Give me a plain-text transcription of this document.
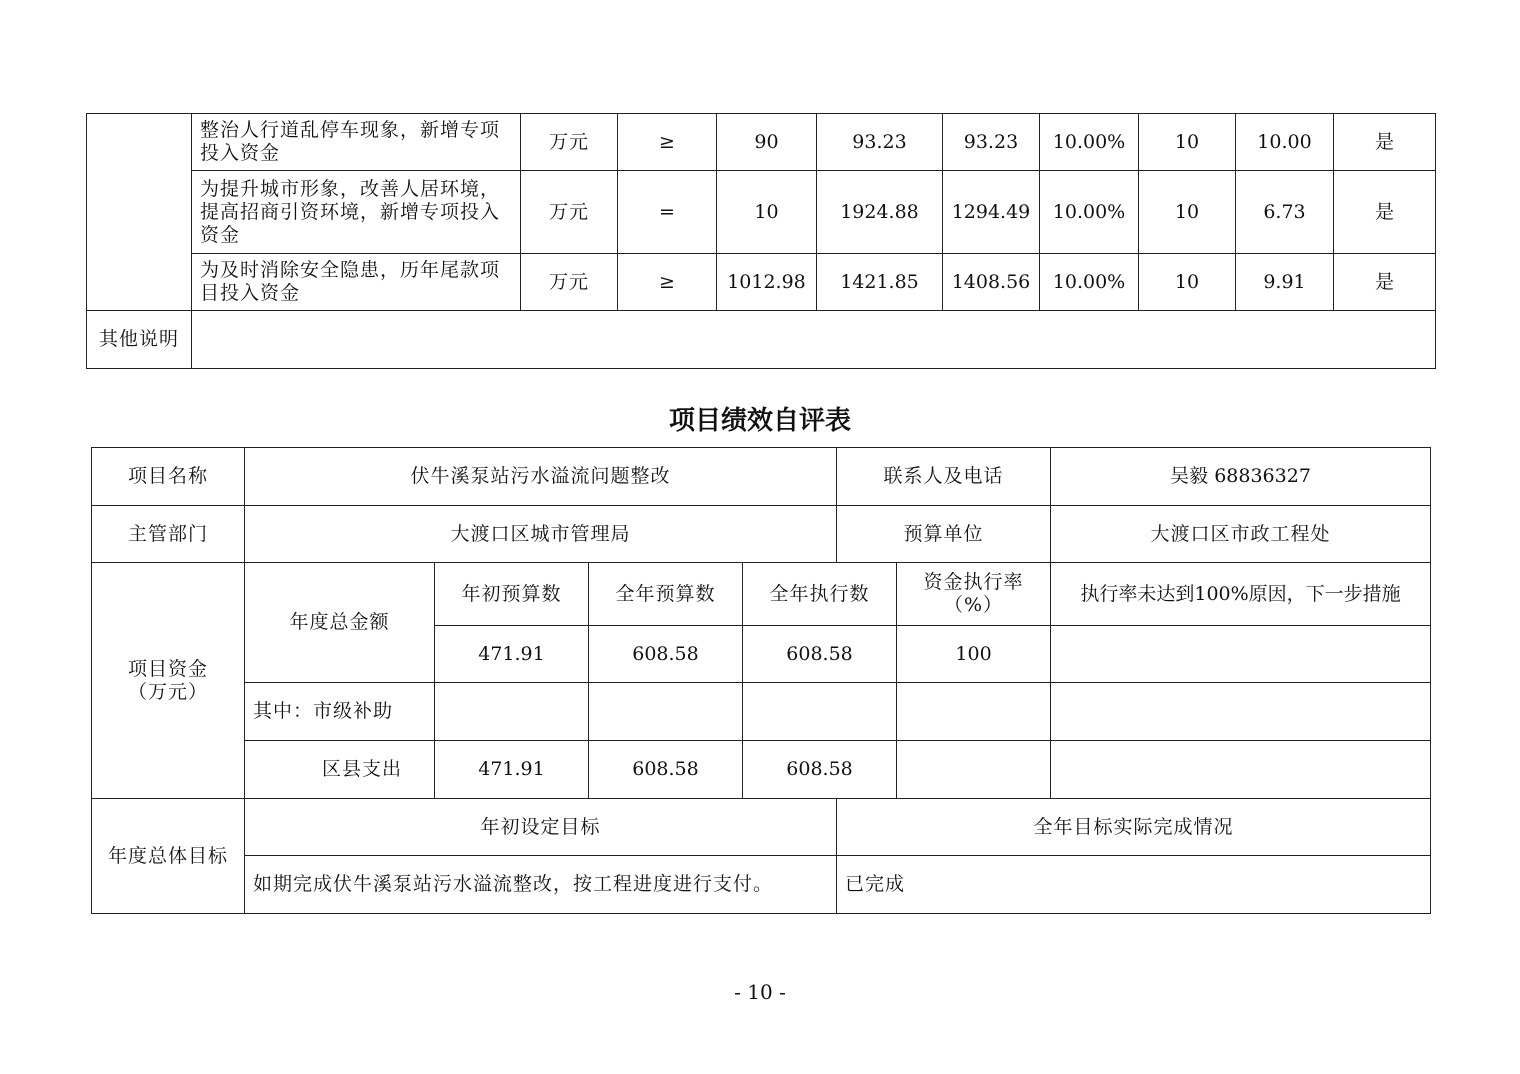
	整治人行道乱停车现象，新增专项投入资金	万元	≥	90	93.23	93.23	10.00%	10	10.00	是
	为提升城市形象，改善人居环境，提高招商引资环境，新增专项投入资金	万元	=	10	1924.88	1294.49	10.00%	10	6.73	是
	为及时消除安全隐患，历年尾款项目投入资金	万元	≥	1012.98	1421.85	1408.56	10.00%	10	9.91	是
其他说明										
项目绩效自评表
项目名称	伏牛溪泵站污水溢流问题整改				联系人及电话		吴毅 68836327
主管部门	大渡口区城市管理局				预算单位		大渡口区市政工程处
项目资金（万元）	年度总金额	年初预算数	全年预算数	全年执行数		资金执行率（%）	执行率未达到100%原因，下一步措施
		471.91	608.58	608.58		100	
	其中：市级补助						
	区县支出	471.91	608.58	608.58			
年度总体目标	年初设定目标				全年目标实际完成情况		
	如期完成伏牛溪泵站污水溢流整改，按工程进度进行支付。				已完成		
- 10 -
